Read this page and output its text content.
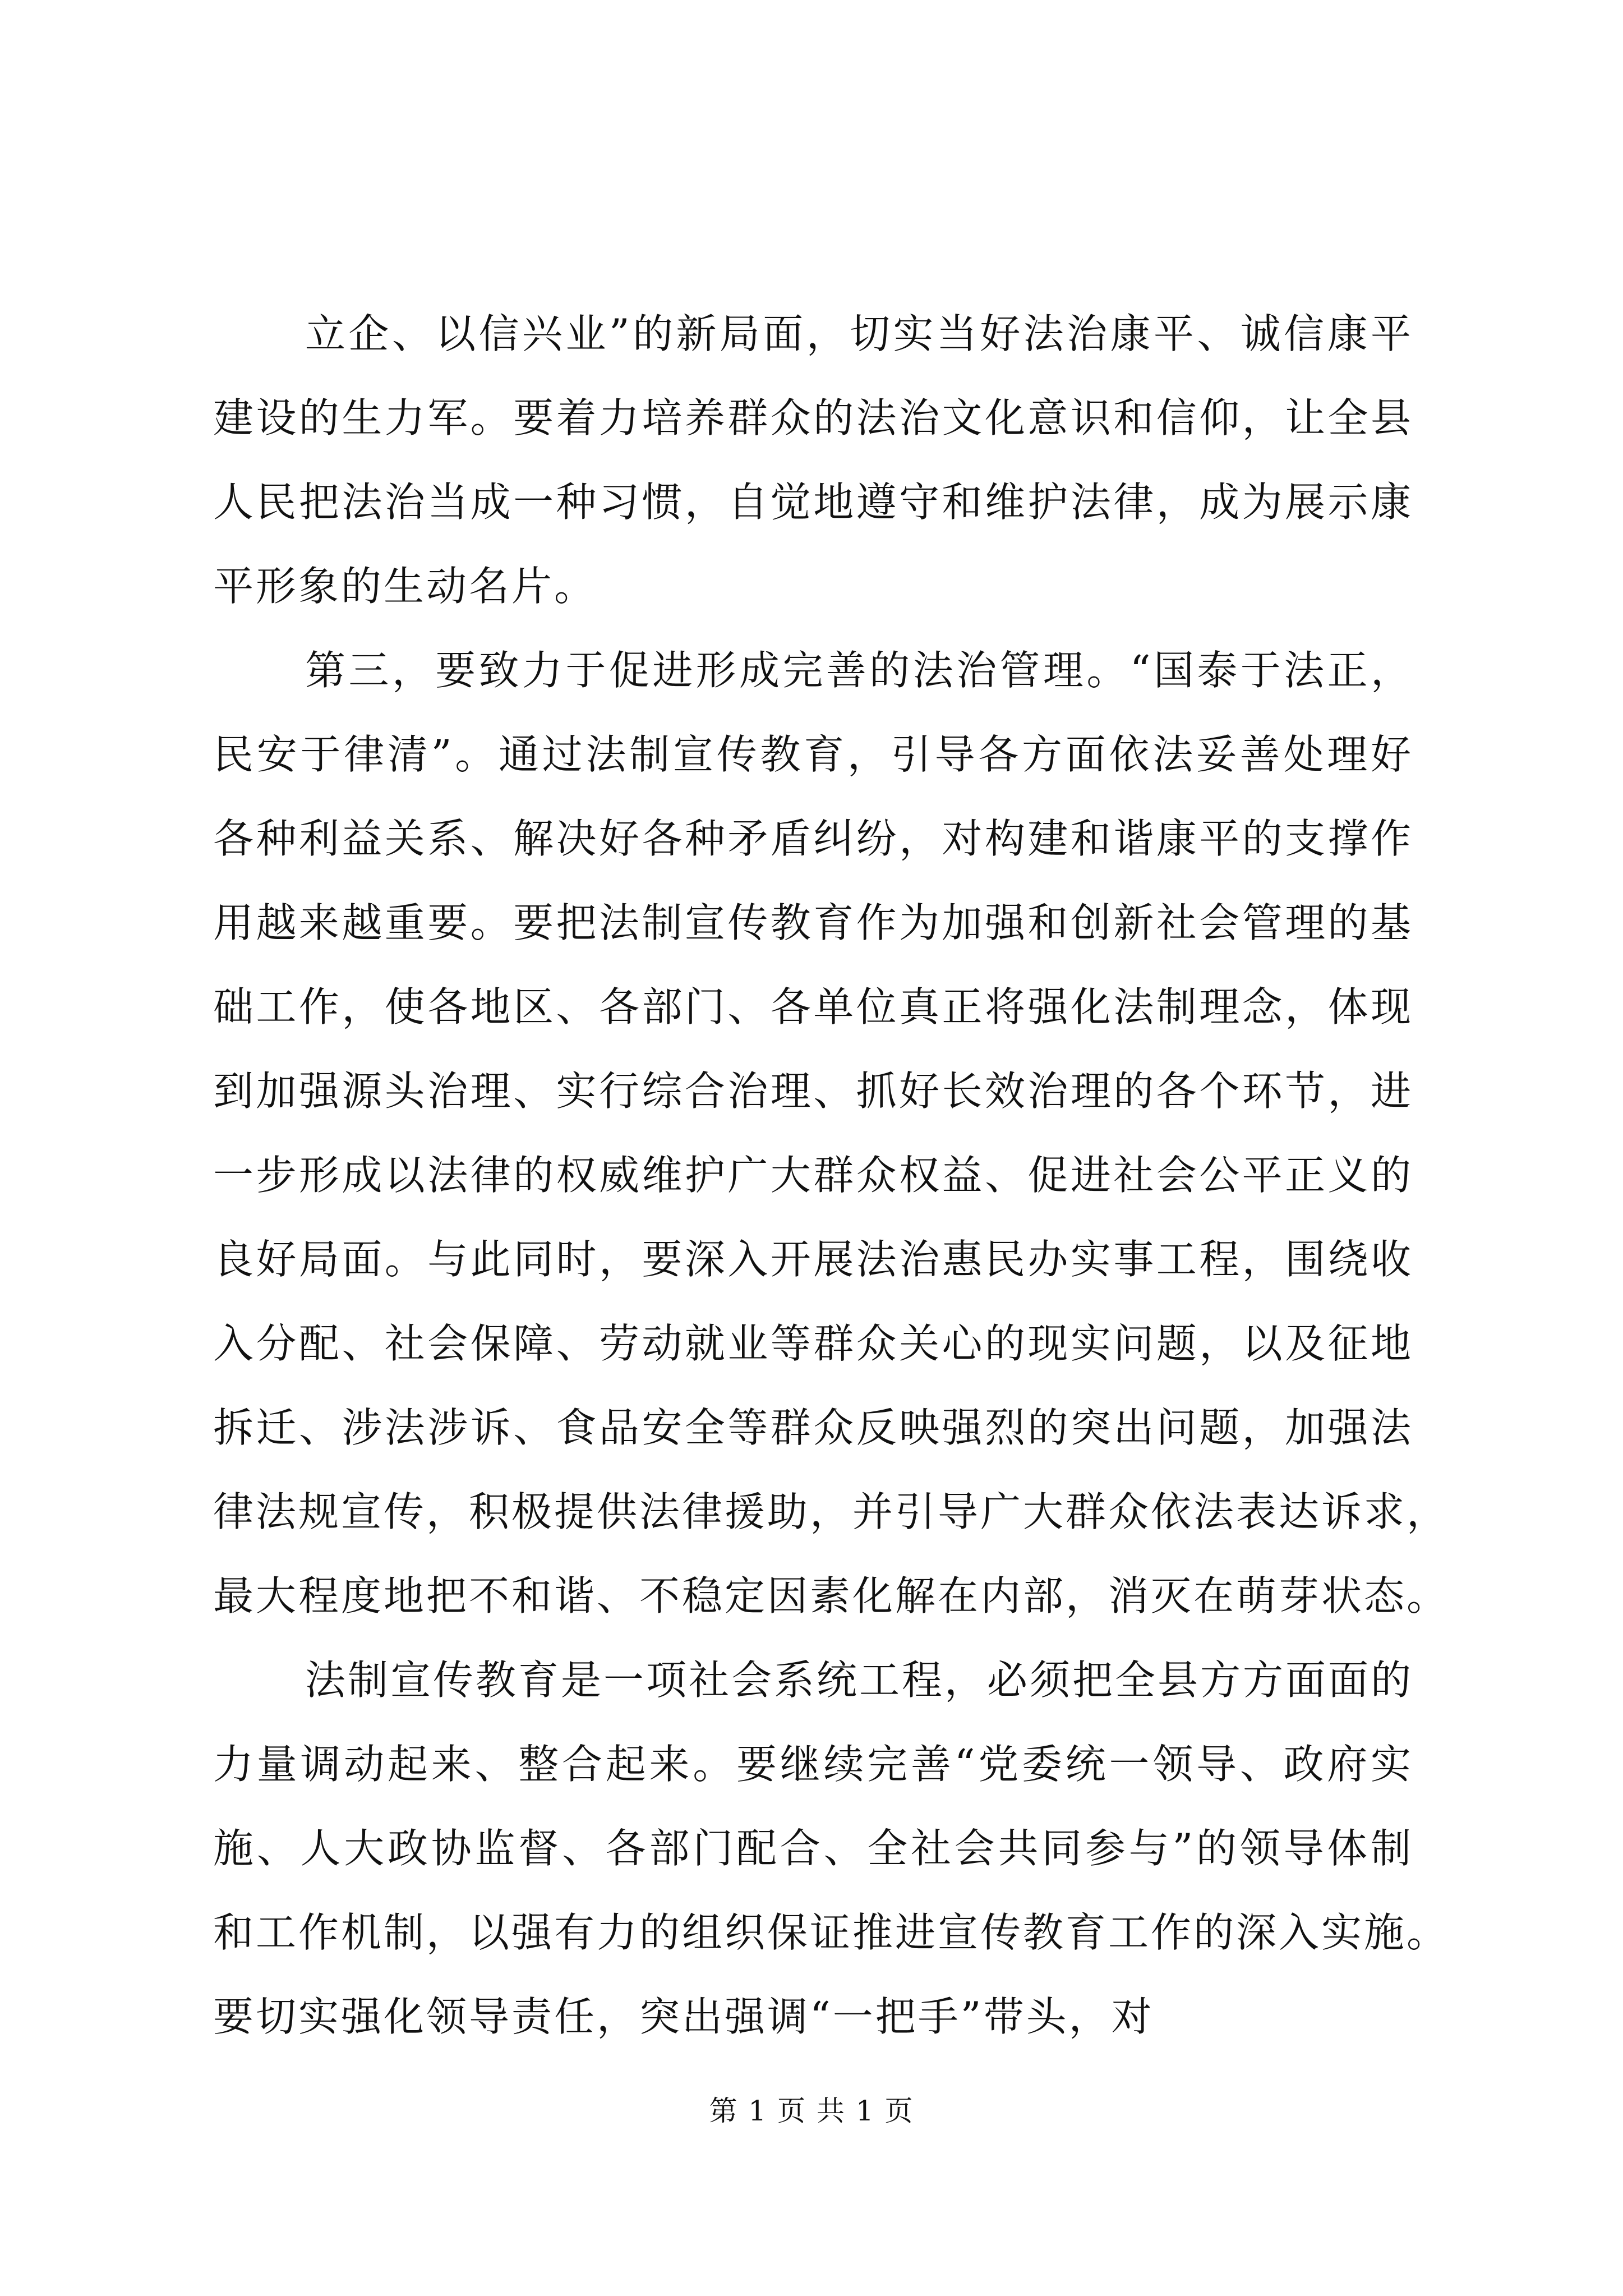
立企、以信兴业”的新局面，切实当好法治康平、诚信康平
建设的生力军。要着力培养群众的法治文化意识和信仰，让全县
人民把法治当成一种习惯，自觉地遵守和维护法律，成为展示康
平形象的生动名片。
第三，要致力于促进形成完善的法治管理。“国泰于法正，
民安于律清”。通过法制宣传教育，引导各方面依法妥善处理好
各种利益关系、解决好各种矛盾纠纷，对构建和谐康平的支撑作
用越来越重要。要把法制宣传教育作为加强和创新社会管理的基
础工作，使各地区、各部门、各单位真正将强化法制理念，体现
到加强源头治理、实行综合治理、抓好长效治理的各个环节，进
一步形成以法律的权威维护广大群众权益、促进社会公平正义的
良好局面。与此同时，要深入开展法治惠民办实事工程，围绕收
入分配、社会保障、劳动就业等群众关心的现实问题，以及征地
拆迁、涉法涉诉、食品安全等群众反映强烈的突出问题，加强法
律法规宣传，积极提供法律援助，并引导广大群众依法表达诉求，
最大程度地把不和谐、不稳定因素化解在内部，消灭在萌芽状态。
法制宣传教育是一项社会系统工程，必须把全县方方面面的
力量调动起来、整合起来。要继续完善“党委统一领导、政府实
施、人大政协监督、各部门配合、全社会共同参与”的领导体制
和工作机制，以强有力的组织保证推进宣传教育工作的深入实施。
要切实强化领导责任，突出强调“一把手”带头，对
第 1 页 共 1 页
